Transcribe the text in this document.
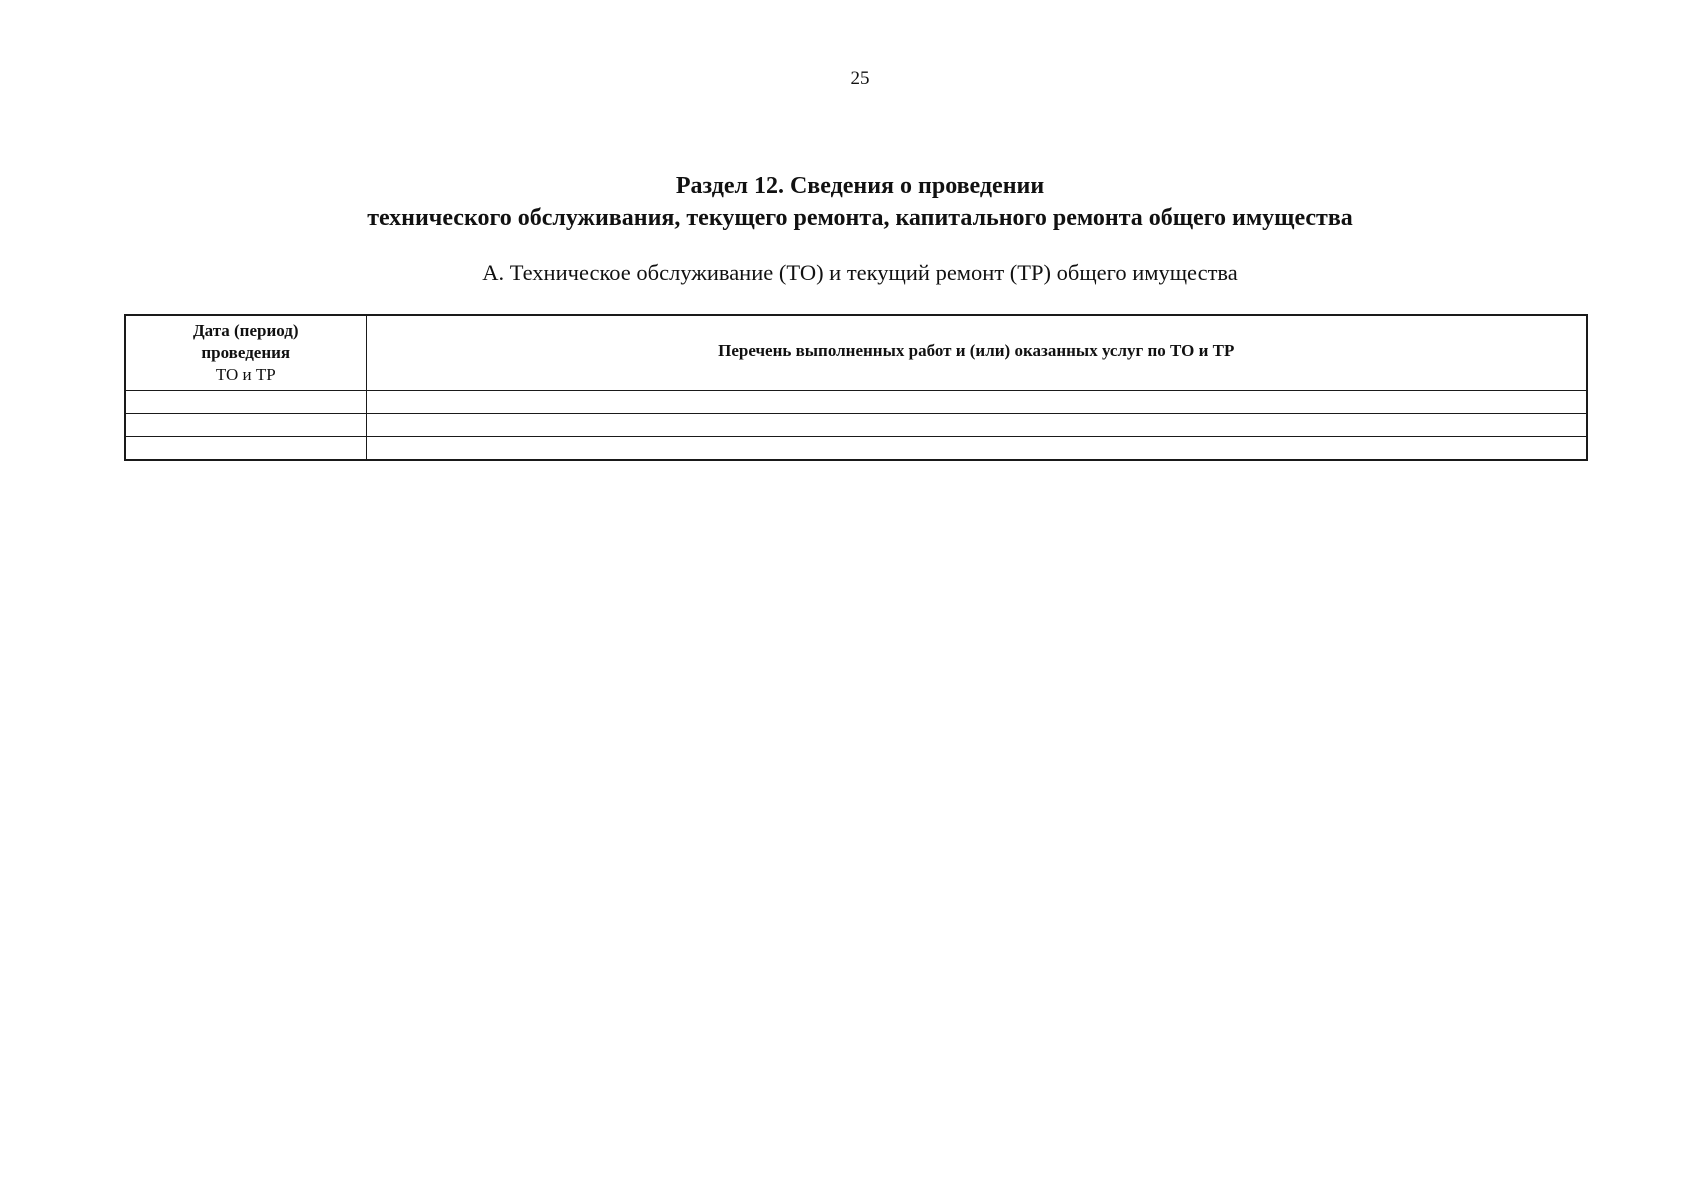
25
Раздел 12. Сведения о проведении
технического обслуживания, текущего ремонта, капитального ремонта общего имущества
А. Техническое обслуживание (ТО) и текущий ремонт (ТР) общего имущества
Дата (период)
проведения
ТО и ТР	Перечень выполненных работ и (или) оказанных услуг по ТО и ТР
